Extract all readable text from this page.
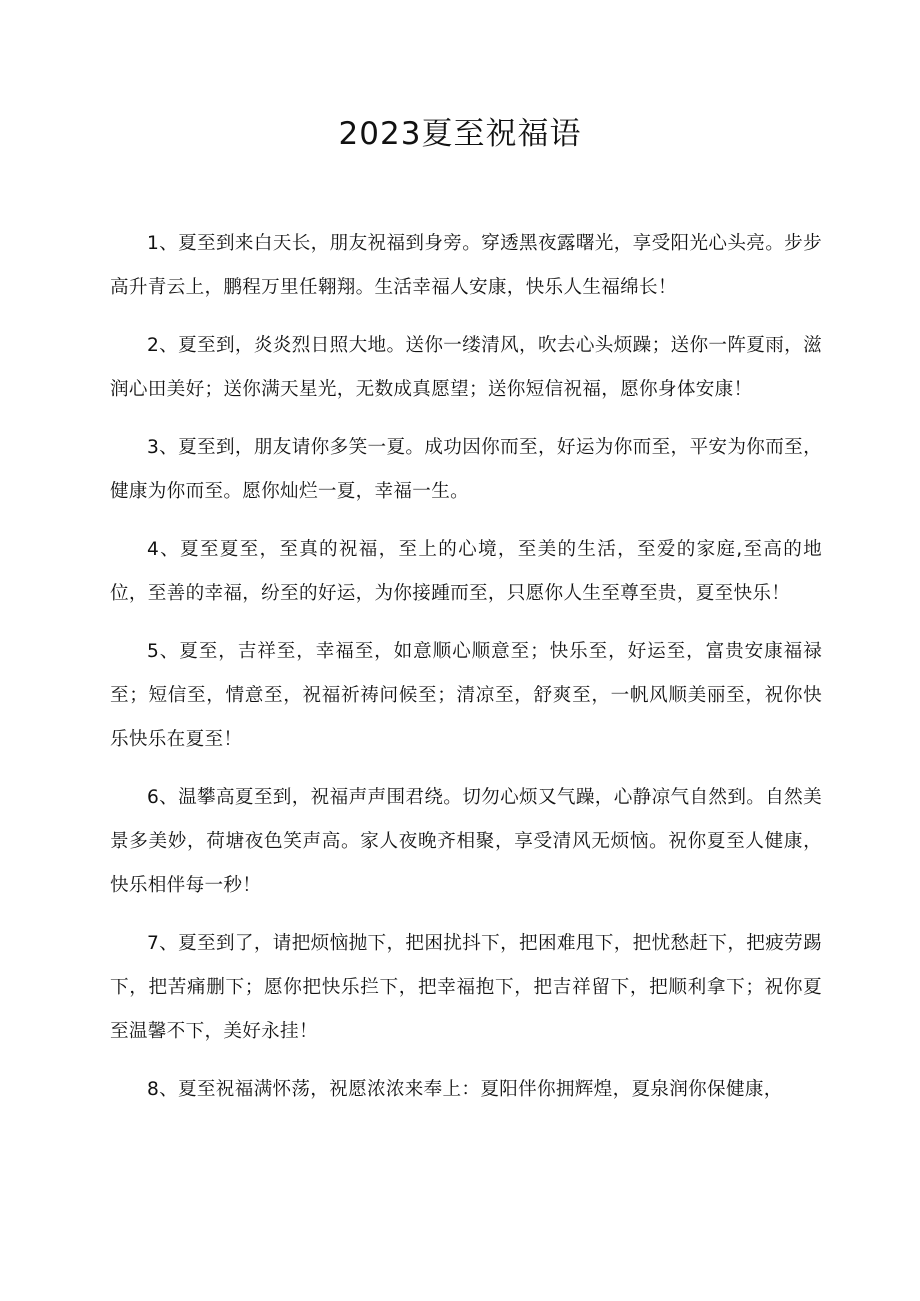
2023夏至祝福语

1、夏至到来白天长，朋友祝福到身旁。穿透黑夜露曙光，享受阳光心头亮。步步高升青云上，鹏程万里任翱翔。生活幸福人安康，快乐人生福绵长！

2、夏至到，炎炎烈日照大地。送你一缕清风，吹去心头烦躁；送你一阵夏雨，滋润心田美好；送你满天星光，无数成真愿望；送你短信祝福，愿你身体安康！

3、夏至到，朋友请你多笑一夏。成功因你而至，好运为你而至，平安为你而至，健康为你而至。愿你灿烂一夏，幸福一生。

4、夏至夏至，至真的祝福，至上的心境，至美的生活，至爱的家庭,至高的地位，至善的幸福，纷至的好运，为你接踵而至，只愿你人生至尊至贵，夏至快乐！

5、夏至，吉祥至，幸福至，如意顺心顺意至；快乐至，好运至，富贵安康福禄至；短信至，情意至，祝福祈祷问候至；清凉至，舒爽至，一帆风顺美丽至，祝你快乐快乐在夏至！

6、温攀高夏至到，祝福声声围君绕。切勿心烦又气躁，心静凉气自然到。自然美景多美妙，荷塘夜色笑声高。家人夜晚齐相聚，享受清风无烦恼。祝你夏至人健康，快乐相伴每一秒！

7、夏至到了，请把烦恼抛下，把困扰抖下，把困难甩下，把忧愁赶下，把疲劳踢下，把苦痛删下；愿你把快乐拦下，把幸福抱下，把吉祥留下，把顺利拿下；祝你夏至温馨不下，美好永挂！

8、夏至祝福满怀荡，祝愿浓浓来奉上：夏阳伴你拥辉煌，夏泉润你保健康，
